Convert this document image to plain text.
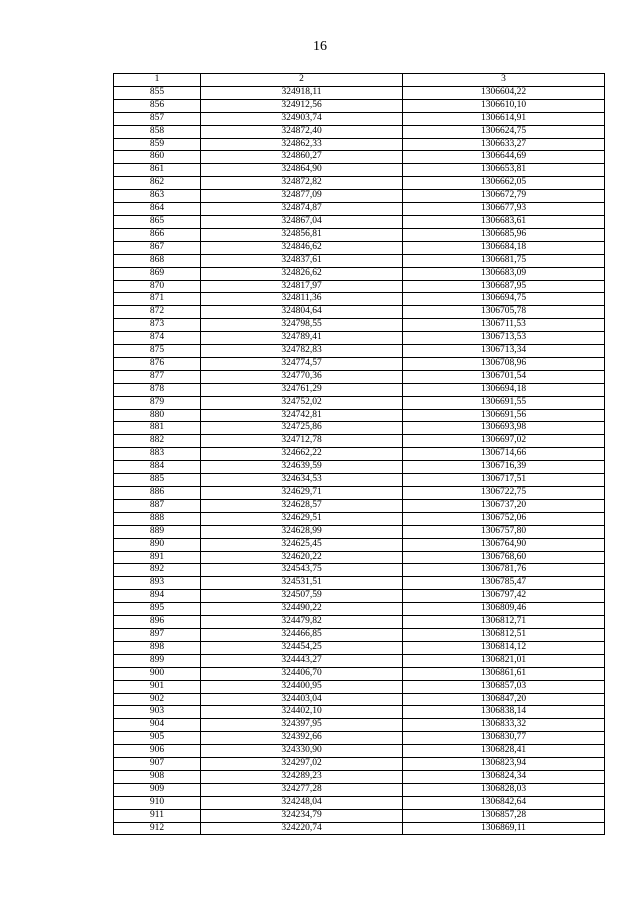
16
1	2	3
855	324918,11	1306604,22
856	324912,56	1306610,10
857	324903,74	1306614,91
858	324872,40	1306624,75
859	324862,33	1306633,27
860	324860,27	1306644,69
861	324864,90	1306653,81
862	324872,82	1306662,05
863	324877,09	1306672,79
864	324874,87	1306677,93
865	324867,04	1306683,61
866	324856,81	1306685,96
867	324846,62	1306684,18
868	324837,61	1306681,75
869	324826,62	1306683,09
870	324817,97	1306687,95
871	324811,36	1306694,75
872	324804,64	1306705,78
873	324798,55	1306711,53
874	324789,41	1306713,53
875	324782,83	1306713,34
876	324774,57	1306708,96
877	324770,36	1306701,54
878	324761,29	1306694,18
879	324752,02	1306691,55
880	324742,81	1306691,56
881	324725,86	1306693,98
882	324712,78	1306697,02
883	324662,22	1306714,66
884	324639,59	1306716,39
885	324634,53	1306717,51
886	324629,71	1306722,75
887	324628,57	1306737,20
888	324629,51	1306752,06
889	324628,99	1306757,80
890	324625,45	1306764,90
891	324620,22	1306768,60
892	324543,75	1306781,76
893	324531,51	1306785,47
894	324507,59	1306797,42
895	324490,22	1306809,46
896	324479,82	1306812,71
897	324466,85	1306812,51
898	324454,25	1306814,12
899	324443,27	1306821,01
900	324406,70	1306861,61
901	324400,95	1306857,03
902	324403,04	1306847,20
903	324402,10	1306838,14
904	324397,95	1306833,32
905	324392,66	1306830,77
906	324330,90	1306828,41
907	324297,02	1306823,94
908	324289,23	1306824,34
909	324277,28	1306828,03
910	324248,04	1306842,64
911	324234,79	1306857,28
912	324220,74	1306869,11
